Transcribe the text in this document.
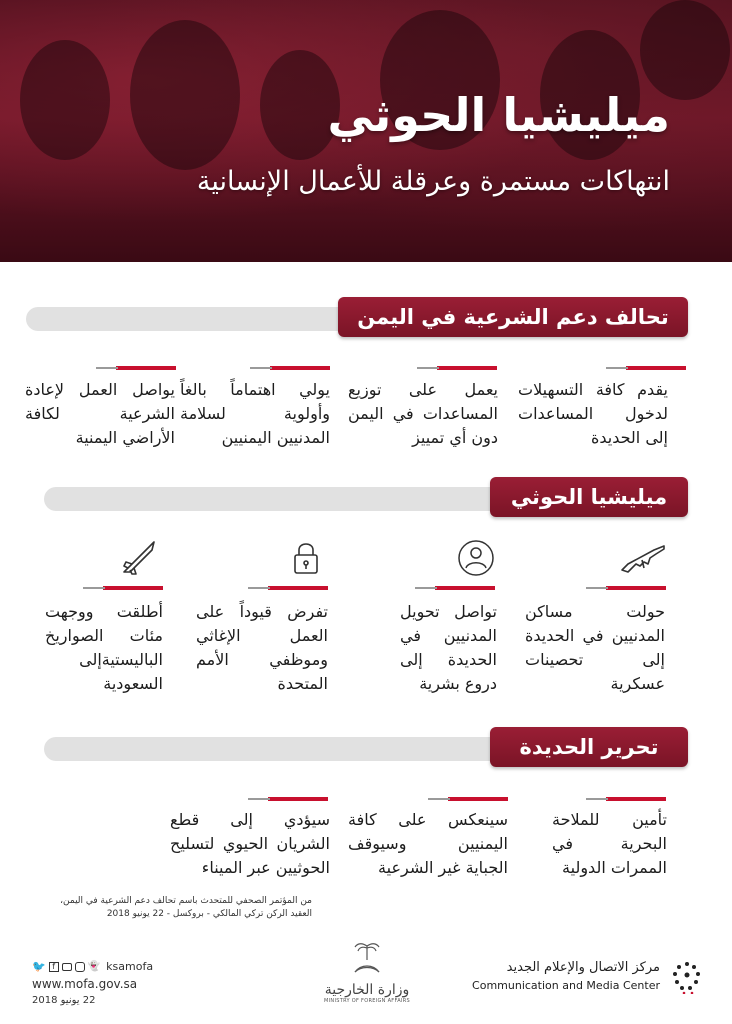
ميليشيا الحوثي
انتهاكات مستمرة وعرقلة للأعمال الإنسانية
تحالف دعم الشرعية في اليمن
يقدم كافة التسهيلات لدخول المساعدات إلى الحديدة
يعمل على توزيع المساعدات في اليمن دون أي تمييز
يولي اهتماماً بالغاً وأولوية لسلامة المدنيين اليمنيين
يواصل العمل لإعادة الشرعية لكافة الأراضي اليمنية
ميليشيا الحوثي
حولت مساكن المدنيين في الحديدة إلى تحصينات عسكرية
تواصل تحويل المدنيين في الحديدة إلى دروع بشرية
تفرض قيوداً على العمل الإغاثي وموظفي الأمم المتحدة
أطلقت ووجهت مئات الصواريخ الباليستيةإلى السعودية
تحرير الحديدة
تأمين للملاحة البحرية في الممرات الدولية
سينعكس على كافة اليمنيين وسيوقف الجباية غير الشرعية
سيؤدي إلى قطع الشريان الحيوي لتسليح الحوثيين عبر الميناء
من المؤتمر الصحفي للمتحدث باسم تحالف دعم الشرعية في اليمن،
العقيد الركن تركي المالكي - بروكسل - 22 يونيو 2018
🐦 f	👻 ksamofa
www.mofa.gov.sa
22 يونيو 2018
وزارة الخارجية
MINISTRY OF FOREIGN AFFAIRS
مركز الاتصال والإعلام الجديد
Communication and Media Center
